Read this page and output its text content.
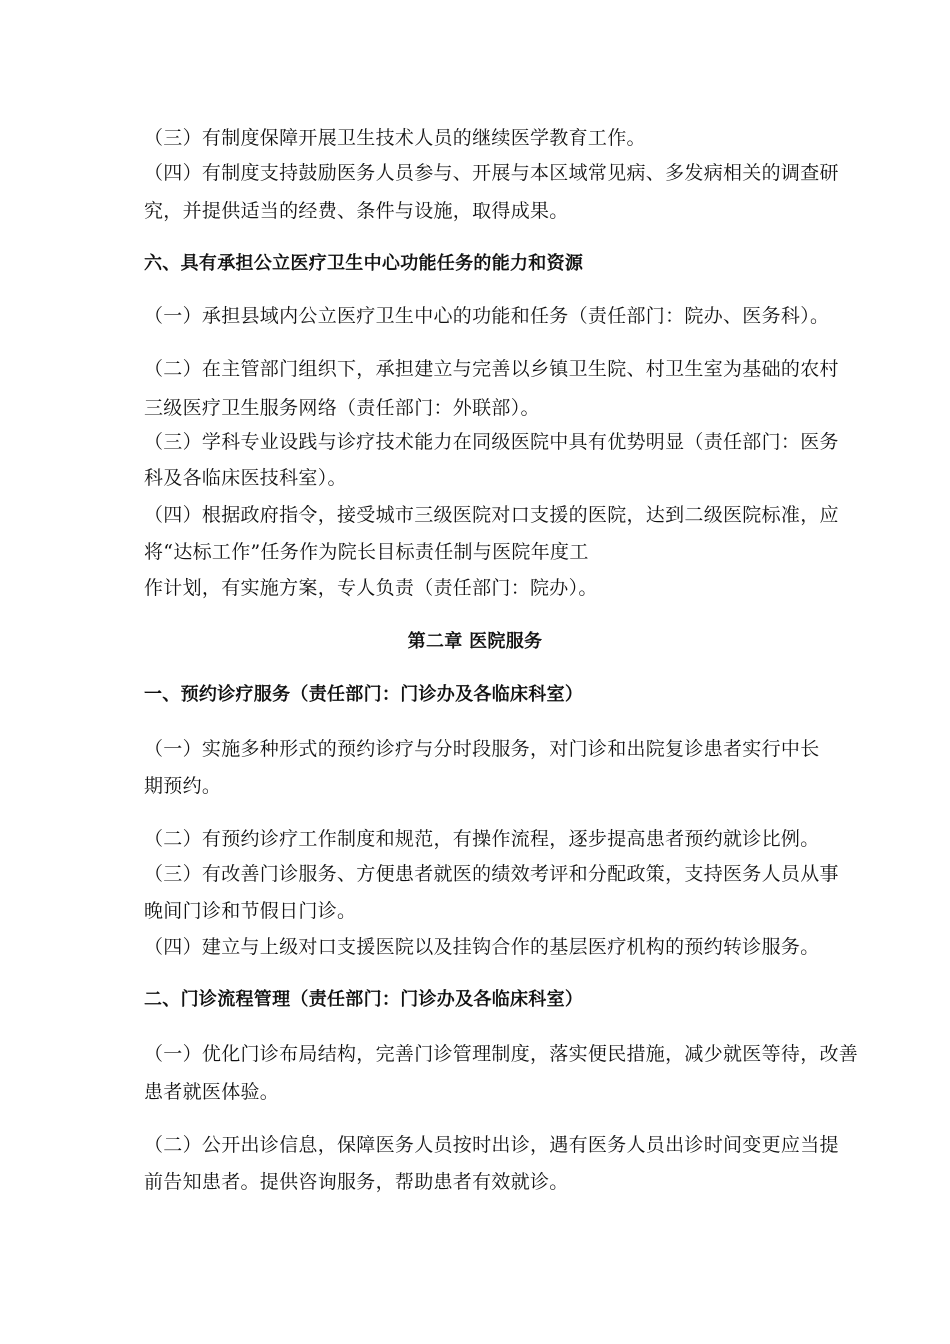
（三）有制度保障开展卫生技术人员的继续医学教育工作。
（四）有制度支持鼓励医务人员参与、开展与本区域常见病、多发病相关的调查研
究，并提供适当的经费、条件与设施，取得成果。
六、具有承担公立医疗卫生中心功能任务的能力和资源
（一）承担县域内公立医疗卫生中心的功能和任务（责任部门：院办、医务科）。
（二）在主管部门组织下，承担建立与完善以乡镇卫生院、村卫生室为基础的农村
三级医疗卫生服务网络（责任部门：外联部）。
（三）学科专业设践与诊疗技术能力在同级医院中具有优势明显（责任部门：医务
科及各临床医技科室）。
（四）根据政府指令，接受城市三级医院对口支援的医院，达到二级医院标准，应
将“达标工作”任务作为院长目标责任制与医院年度工
作计划，有实施方案，专人负责（责任部门：院办）。
第二章 医院服务
一、预约诊疗服务（责任部门：门诊办及各临床科室）
（一）实施多种形式的预约诊疗与分时段服务，对门诊和出院复诊患者实行中长
期预约。
（二）有预约诊疗工作制度和规范，有操作流程，逐步提高患者预约就诊比例。
（三）有改善门诊服务、方便患者就医的绩效考评和分配政策，支持医务人员从事
晚间门诊和节假日门诊。
（四）建立与上级对口支援医院以及挂钩合作的基层医疗机构的预约转诊服务。
二、门诊流程管理（责任部门：门诊办及各临床科室）
（一）优化门诊布局结构，完善门诊管理制度，落实便民措施，减少就医等待，改善
患者就医体验。
（二）公开出诊信息，保障医务人员按时出诊，遇有医务人员出诊时间变更应当提
前告知患者。提供咨询服务，帮助患者有效就诊。
